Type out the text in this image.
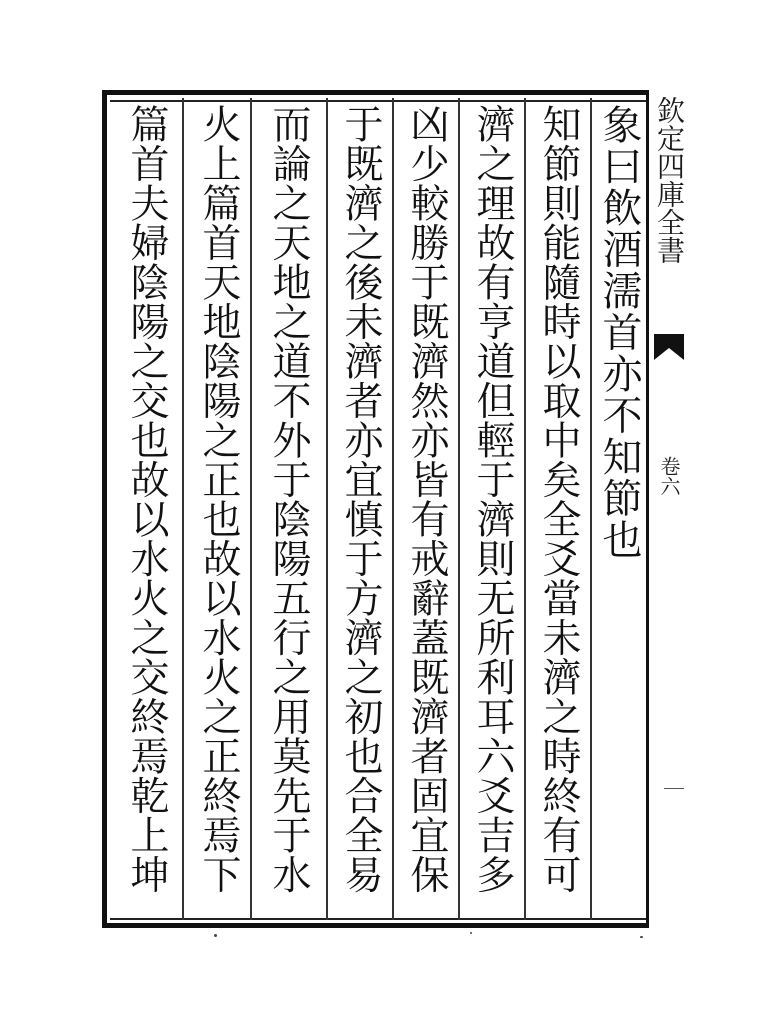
象曰飲酒濡首亦不知節也
知節則能隨時以取中矣全爻當未濟之時終有可
濟之理故有亨道但輕于濟則无所利耳六爻吉多
凶少較勝于既濟然亦皆有戒辭蓋既濟者固宜保
于既濟之後未濟者亦宜慎于方濟之初也合全易
而論之天地之道不外于陰陽五行之用莫先于水
火上篇首天地陰陽之正也故以水火之正終焉下
篇首夫婦陰陽之交也故以水火之交終焉乾上坤	欽定四庫全書
卷六
